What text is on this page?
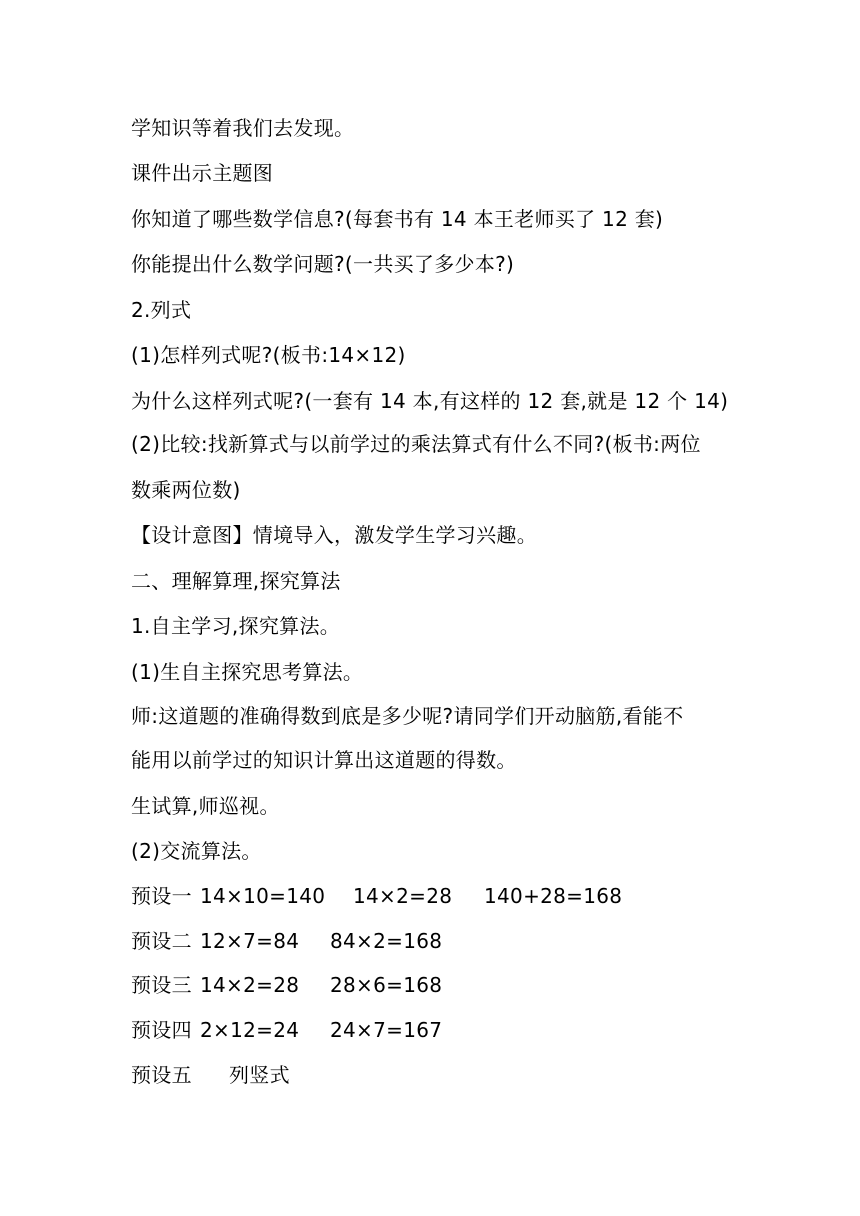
学知识等着我们去发现。
课件出示主题图
你知道了哪些数学信息?(每套书有 14 本王老师买了 12 套)
你能提出什么数学问题?(一共买了多少本?)
2.列式
(1)怎样列式呢?(板书:14×12)
为什么这样列式呢?(一套有 14 本,有这样的 12 套,就是 12 个 14)
(2)比较:找新算式与以前学过的乘法算式有什么不同?(板书:两位
数乘两位数)
【设计意图】情境导入，激发学生学习兴趣。
二、理解算理,探究算法
1.自主学习,探究算法。
(1)生自主探究思考算法。
师:这道题的准确得数到底是多少呢?请同学们开动脑筋,看能不
能用以前学过的知识计算出这道题的得数。
生试算,师巡视。
(2)交流算法。
预设一 14×10=140 14×2=28 140+28=168
预设二 12×7=84 84×2=168
预设三 14×2=28 28×6=168
预设四 2×12=24 24×7=167
预设五 列竖式
